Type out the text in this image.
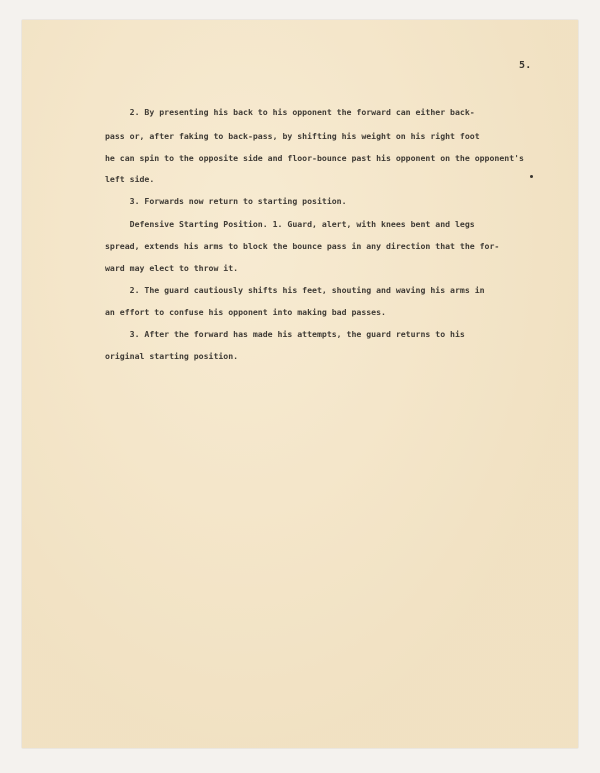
5.

2. By presenting his back to his opponent the forward can either back-

pass or, after faking to back-pass, by shifting his weight on his right foot

he can spin to the opposite side and floor-bounce past his opponent on the opponent's

left side.

3. Forwards now return to starting position.

Defensive Starting Position. 1. Guard, alert, with knees bent and legs

spread, extends his arms to block the bounce pass in any direction that the for-

ward may elect to throw it.

2. The guard cautiously shifts his feet, shouting and waving his arms in

an effort to confuse his opponent into making bad passes.

3. After the forward has made his attempts, the guard returns to his

original starting position.
